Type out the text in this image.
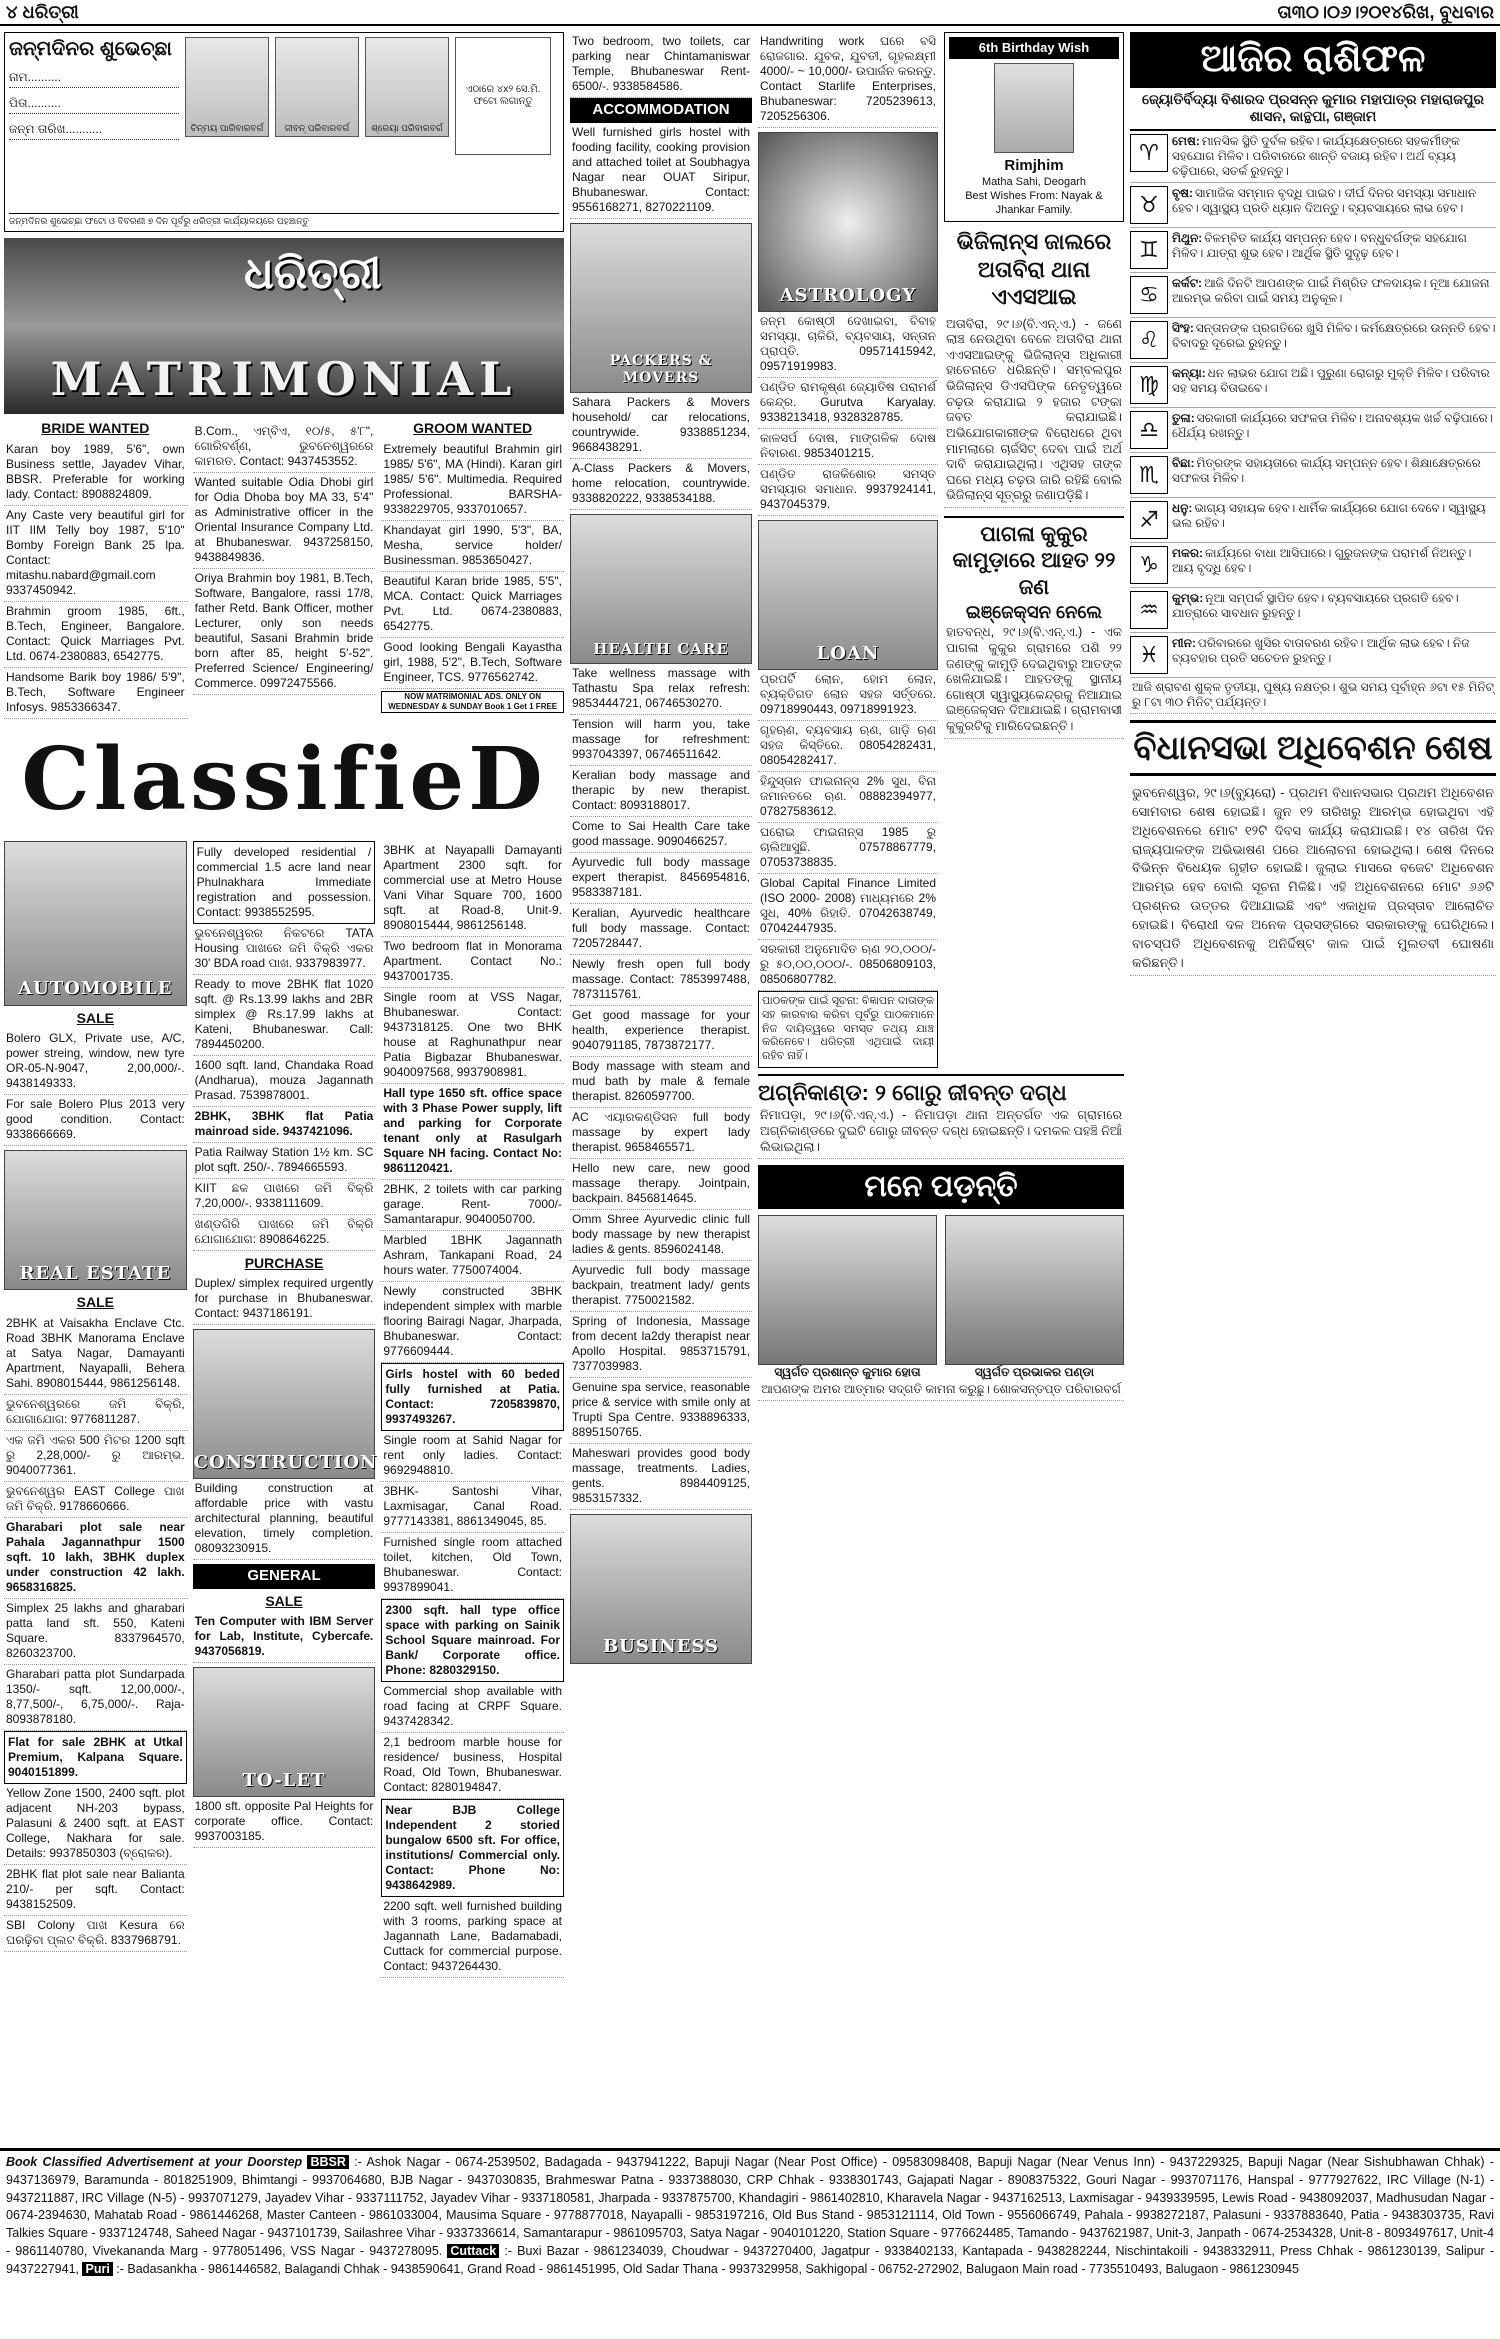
୪ ଧରିତ୍ରୀ	ତା୩୦।୦୬।୨୦୧୪ରିଖ, ବୁଧବାର
ଜନ୍ମଦିନର ଶୁଭେଚ୍ଛା
ନାମ..........
ପିତା..........
ଜନ୍ମ ତାରିଖ...........	ଚିନ୍ମୟ ପାରିବାରବର୍ଗ	ଜୀବନ୍ ପରିବାରବର୍ଗ	ଶ୍ରେୟା ପରିବାରବର୍ଗ
ଏଠାରେ ୪x୨ ସେ.ମି. ଫଟୋ ଲଗାନ୍ତୁ
ଜନ୍ମଦିନର ଶୁଭେଚ୍ଛା ଫଟୋ ଓ ବିବରଣୀ ୭ ଦିନ ପୂର୍ବରୁ ଧରିତ୍ରୀ କାର୍ଯ୍ୟାଳୟରେ ପହଞ୍ଚାନ୍ତୁ
ଧରିତ୍ରୀ
MATRIMONIAL
BRIDE WANTED
Karan boy 1989, 5'6", own Business settle, Jayadev Vihar, BBSR. Preferable for working lady. Contact: 8908824809.
Any Caste very beautiful girl for IIT IIM Telly boy 1987, 5'10" Bomby Foreign Bank 25 lpa. Contact: mitashu.nabard@gmail.com 9337450942.
Brahmin groom 1985, 6ft., B.Tech, Engineer, Bangalore. Contact: Quick Marriages Pvt. Ltd. 0674-2380883, 6542775.
Handsome Barik boy 1986/ 5'9", B.Tech, Software Engineer Infosys. 9853366347.
B.Com., ଏମ୍‌ବିଏ, ୧୦/୫, ୫'୮", ଗୋରିବର୍ଣ୍ଣ, ଭୁବନେଶ୍ୱରରେ କାମରତ. Contact: 9437453552.
Wanted suitable Odia Dhobi girl for Odia Dhoba boy MA 33, 5'4" as Administrative officer in the Oriental Insurance Company Ltd. at Bhubaneswar. 9437258150, 9438849836.
Oriya Brahmin boy 1981, B.Tech, Software, Bangalore, rassi 17/8, father Retd. Bank Officer, mother Lecturer, only son needs beautiful, Sasani Brahmin bride born after 85, height 5'-52". Preferred Science/ Engineering/ Commerce. 09972475566.
GROOM WANTED
Extremely beautiful Brahmin girl 1985/ 5'6", MA (Hindi). Karan girl 1985/ 5'6". Multimedia. Required Professional. BARSHA-9338229705, 9337010657.
Khandayat girl 1990, 5'3", BA, Mesha, service holder/ Businessman. 9853650427.
Beautiful Karan bride 1985, 5'5", MCA. Contact: Quick Marriages Pvt. Ltd. 0674-2380883, 6542775.
Good looking Bengali Kayastha girl, 1988, 5'2", B.Tech, Software Engineer, TCS. 9776562742.
NOW MATRIMONIAL ADS. ONLY ON WEDNESDAY & SUNDAY Book 1 Get 1 FREE
ClassifieD
AUTOMOBILE
SALE
Bolero GLX, Private use, A/C, power streing, window, new tyre OR-05-N-9047, 2,00,000/-. 9438149333.
For sale Bolero Plus 2013 very good condition. Contact: 9338666669.
REAL ESTATE
SALE
2BHK at Vaisakha Enclave Ctc. Road 3BHK Manorama Enclave at Satya Nagar, Damayanti Apartment, Nayapalli, Behera Sahi. 8908015444, 9861256148.
ଭୁବନେଶ୍ୱରରେ ଜମି ବିକ୍ରି, ଯୋଗାଯୋଗ: 9776811287.
ଏକ ଜମି ଏକର 500 ମିଟର 1200 sqft ରୁ 2,28,000/- ରୁ ଆରମ୍ଭ. 9040077361.
ଭୁବନେଶ୍ୱର EAST College ପାଖ ଜମି ବିକ୍ରି. 9178660666.
Gharabari plot sale near Pahala Jagannathpur 1500 sqft. 10 lakh, 3BHK duplex under construction 42 lakh. 9658316825.
Simplex 25 lakhs and gharabari patta land sft. 550, Kateni Square. 8337964570, 8260323700.
Gharabari patta plot Sundarpada 1350/- sqft. 12,00,000/-, 8,77,500/-, 6,75,000/-. Raja- 8093878180.
Flat for sale 2BHK at Utkal Premium, Kalpana Square. 9040151899.
Yellow Zone 1500, 2400 sqft. plot adjacent NH-203 bypass, Palasuni & 2400 sqft. at EAST College, Nakhara for sale. Details: 9937850303 (ବ୍ରୋକର).
2BHK flat plot sale near Balianta 210/- per sqft. Contact: 9438152509.
SBI Colony ପାଖ Kesura ରେ ଘରଢ଼ିବା ପ୍ଲଟ ବିକ୍ରି. 8337968791.
Fully developed residential / commercial 1.5 acre land near Phulnakhara Immediate registration and possession. Contact: 9938552595.
ଭୁବନେଶ୍ୱରର ନିକଟରେ TATA Housing ପାଖରେ ଜମି ବିକ୍ରି ଏକର 30' BDA road ପାଖ. 9337983977.
Ready to move 2BHK flat 1020 sqft. @ Rs.13.99 lakhs and 2BR simplex @ Rs.17.99 lakhs at Kateni, Bhubaneswar. Call: 7894450200.
1600 sqft. land, Chandaka Road (Andharua), mouza Jagannath Prasad. 7539878001.
2BHK, 3BHK flat Patia mainroad side. 9437421096.
Patia Railway Station 1½ km. SC plot sqft. 250/-. 7894665593.
KIIT ଛକ ପାଖରେ ଜମି ବିକ୍ରି 7,20,000/-. 9338111609.
ଖଣ୍ଡଗିରି ପାଖରେ ଜମି ବିକ୍ରି ଯୋଗାଯୋଗ: 8908646225.
PURCHASE
Duplex/ simplex required urgently for purchase in Bhubaneswar. Contact: 9437186191.
CONSTRUCTION
Building construction at affordable price with vastu architectural planning, beautiful elevation, timely completion. 08093230915.
GENERAL
SALE
Ten Computer with IBM Server for Lab, Institute, Cybercafe. 9437056819.
TO-LET
1800 sft. opposite Pal Heights for corporate office. Contact: 9937003185.
3BHK at Nayapalli Damayanti Apartment 2300 sqft. for commercial use at Metro House Vani Vihar Square 700, 1600 sqft. at Road-8, Unit-9. 8908015444, 9861256148.
Two bedroom flat in Monorama Apartment. Contact No.: 9437001735.
Single room at VSS Nagar, Bhubaneswar. Contact: 9437318125. One two BHK house at Raghunathpur near Patia Bigbazar Bhubaneswar. 9040097568, 9937908981.
Hall type 1650 sft. office space with 3 Phase Power supply, lift and parking for Corporate tenant only at Rasulgarh Square NH facing. Contact No: 9861120421.
2BHK, 2 toilets with car parking garage. Rent- 7000/- Samantarapur. 9040050700.
Marbled 1BHK Jagannath Ashram, Tankapani Road, 24 hours water. 7750074004.
Newly constructed 3BHK independent simplex with marble flooring Bairagi Nagar, Jharpada, Bhubaneswar. Contact: 9776609444.
Girls hostel with 60 beded fully furnished at Patia. Contact: 7205839870, 9937493267.
Single room at Sahid Nagar for rent only ladies. Contact: 9692948810.
3BHK- Santoshi Vihar, Laxmisagar, Canal Road. 9777143381, 8861349045, 85.
Furnished single room attached toilet, kitchen, Old Town, Bhubaneswar. Contact: 9937899041.
2300 sqft. hall type office space with parking on Sainik School Square mainroad. For Bank/ Corporate office. Phone: 8280329150.
Commercial shop available with road facing at CRPF Square. 9437428342.
2,1 bedroom marble house for residence/ business, Hospital Road, Old Town, Bhubaneswar. Contact: 8280194847.
Near BJB College Independent 2 storied bungalow 6500 sft. For office, institutions/ Commercial only. Contact: Phone No: 9438642989.
2200 sqft. well furnished building with 3 rooms, parking space at Jagannath Lane, Badamabadi, Cuttack for commercial purpose. Contact: 9437264430.
Two bedroom, two toilets, car parking near Chintamaniswar Temple, Bhubaneswar Rent- 6500/-. 9338584586.
ACCOMMODATION
Well furnished girls hostel with fooding facility, cooking provision and attached toilet at Soubhagya Nagar near OUAT Siripur, Bhubaneswar. Contact: 9556168271, 8270221109.
PACKERS & MOVERS
Sahara Packers & Movers household/ car relocations, countrywide. 9338851234, 9668438291.
A-Class Packers & Movers, home relocation, countrywide. 9338820222, 9338534188.
HEALTH CARE
Take wellness massage with Tathastu Spa relax refresh: 9853444721, 06746530270.
Tension will harm you, take massage for refreshment: 9937043397, 06746511642.
Keralian body massage and therapic by new therapist. Contact: 8093188017.
Come to Sai Health Care take good massage. 9090466257.
Ayurvedic full body massage expert therapist. 8456954816, 9583387181.
Keralian, Ayurvedic healthcare full body massage. Contact: 7205728447.
Newly fresh open full body massage. Contact: 7853997488, 7873115761.
Get good massage for your health, experience therapist. 9040791185, 7873872177.
Body massage with steam and mud bath by male & female therapist. 8260597700.
AC ଏୟାରକଣ୍ଡିସନ full body massage by expert lady therapist. 9658465571.
Hello new care, new good massage therapy. Jointpain, backpain. 8456814645.
Omm Shree Ayurvedic clinic full body massage by new therapist ladies & gents. 8596024148.
Ayurvedic full body massage backpain, treatment lady/ gents therapist. 7750021582.
Spring of Indonesia, Massage from decent la2dy therapist near Apollo Hospital. 9853715791, 7377039983.
Genuine spa service, reasonable price & service with smile only at Trupti Spa Centre. 9338896333, 8895150765.
Maheswari provides good body massage, treatments. Ladies, gents. 8984409125, 9853157332.
BUSINESS
Handwriting work ଘରେ ବସି ରୋଜଗାର. ଯୁବକ, ଯୁବତୀ, ଗୃହଲକ୍ଷ୍ମୀ 4000/- ~ 10,000/- ଉପାର୍ଜନ କରନ୍ତୁ. Contact Starlife Enterprises, Bhubaneswar: 7205239613, 7205256306.
ASTROLOGY
ଜନ୍ମ କୋଷ୍ଠୀ ଦେଖାଇବା, ବିବାହ ସମସ୍ୟା, ଚାକିରି, ବ୍ୟବସାୟ, ସନ୍ତାନ ପ୍ରାପ୍ତି. 09571415942, 09571919983.
ପଣ୍ଡିତ ରାମକୃଷ୍ଣ ଜ୍ୟୋତିଷ ପରାମର୍ଶ କେନ୍ଦ୍ର. Gurutva Karyalay. 9338213418, 9328328785.
କାଳସର୍ପ ଦୋଷ, ମାଙ୍ଗଳିକ ଦୋଷ ନିବାରଣ. 9853401215.
ପଣ୍ଡିତ ରାଜକିଶୋର ସମସ୍ତ ସମସ୍ୟାର ସମାଧାନ. 9937924141, 9437045379.
LOAN
ପ୍ରପର୍ଟି ଲୋନ, ହୋମ ଲୋନ, ବ୍ୟକ୍ତିଗତ ଲୋନ ସହଜ ସର୍ତ୍ତରେ. 09718990443, 09718991923.
ଗୃହଋଣ, ବ୍ୟବସାୟ ଋଣ, ଗାଡ଼ି ଋଣ ସହଜ କିସ୍ତିରେ. 08054282431, 08054282417.
ହିନ୍ଦୁସ୍ତାନ ଫାଇନାନ୍ସ 2% ସୁଧ, ବିନା ଜମାନତରେ ଋଣ. 08882394977, 07827583612.
ଘରୋଇ ଫାଇନାନ୍ସ 1985 ରୁ ଚାଲିଆସୁଛି. 07578867779, 07053738835.
Global Capital Finance Limited (ISO 2000- 2008) ମାଧ୍ୟମରେ 2% ସୁଧ, 40% ରିହାତି. 07042638749, 07042447935.
ସରକାରୀ ଅନୁମୋଦିତ ଋଣ ୨୦,୦୦୦/- ରୁ ୫୦,୦୦,୦୦୦/-. 08506809103, 08506807782.
ପାଠକଙ୍କ ପାଇଁ ସୂଚନା: ବିଜ୍ଞାପନ ଦାତାଙ୍କ ସହ କାରବାର କରିବା ପୂର୍ବରୁ ପାଠକମାନେ ନିଜ ଦାୟିତ୍ୱରେ ସମସ୍ତ ତଥ୍ୟ ଯାଞ୍ଚ କରିନେବେ। ଧରିତ୍ରୀ ଏଥିପାଇଁ ଦାୟୀ ରହିବ ନାହିଁ।
6th Birthday Wish
Rimjhim
Matha Sahi, Deogarh
Best Wishes From: Nayak & Jhankar Family.
ଭିଜିଲାନ୍ସ ଜାଲରେ ଅତାବିରା ଥାନା ଏଏସଆଇ
ଅତାବିରା, ୨୯।୬(ବି.ଏନ୍.ଏ.) - ଜଣେ ଲାଞ୍ଚ ନେଉଥିବା ବେଳେ ଅତାବିରା ଥାନା ଏଏସଆଇଙ୍କୁ ଭିଜିଲାନ୍ସ ଅଧିକାରୀ ହାତେନାତେ ଧରିଛନ୍ତି। ସମ୍ବଲପୁର ଭିଜିଲାନ୍ସ ଡିଏସପିଙ୍କ ନେତୃତ୍ୱରେ ଚଢ଼ଉ କରାଯାଇ ୨ ହଜାର ଟଙ୍କା ଜବତ କରାଯାଇଛି। ଅଭିଯୋଗକାରୀଙ୍କ ବିରୋଧରେ ଥିବା ମାମଲାରେ ଚାର୍ଜସିଟ୍ ଦେବା ପାଇଁ ଅର୍ଥ ଦାବି କରାଯାଇଥିଲା। ଏଥିସହ ତାଙ୍କ ଘରେ ମଧ୍ୟ ଚଢ଼ଉ ଜାରି ରହିଛି ବୋଲି ଭିଜିଲାନ୍ସ ସୂତ୍ରରୁ ଜଣାପଡ଼ିଛି।
ପାଗଳା କୁକୁର କାମୁଡ଼ାରେ ଆହତ ୨୨ ଜଣ
ଇଞ୍ଜେକ୍ସନ ନେଲେ
ହାତବନ୍ଧ, ୨୯।୬(ବି.ଏନ୍.ଏ.) - ଏକ ପାଗଳା କୁକୁର ଗ୍ରାମରେ ପଶି ୨୨ ଜଣଙ୍କୁ କାମୁଡ଼ି ଦେଇଥିବାରୁ ଆତଙ୍କ ଖେଳିଯାଇଛି। ଆହତଙ୍କୁ ସ୍ଥାନୀୟ ଗୋଷ୍ଠୀ ସ୍ୱାସ୍ଥ୍ୟକେନ୍ଦ୍ରକୁ ନିଆଯାଇ ଇଞ୍ଜେକ୍ସନ ଦିଆଯାଇଛି। ଗ୍ରାମବାସୀ କୁକୁରଟିକୁ ମାରିଦେଇଛନ୍ତି।
ଅଗ୍ନିକାଣ୍ଡ: ୨ ଗୋରୁ ଜୀବନ୍ତ ଦଗ୍ଧ
ନିମାପଡ଼ା, ୨୯।୬(ବି.ଏନ୍.ଏ.) - ନିମାପଡ଼ା ଥାନା ଅନ୍ତର୍ଗତ ଏକ ଗ୍ରାମରେ ଅଗ୍ନିକାଣ୍ଡରେ ଦୁଇଟି ଗୋରୁ ଜୀବନ୍ତ ଦଗ୍ଧ ହୋଇଛନ୍ତି। ଦମକଳ ପହଞ୍ଚି ନିଆଁ ଲିଭାଇଥିଲା।
ମନେ ପଡ଼ନ୍ତି
ସ୍ୱର୍ଗତ ପ୍ରଶାନ୍ତ କୁମାର ହୋତା	ସ୍ୱର୍ଗତ ପ୍ରଭାକର ପଣ୍ଡା
ଆପଣଙ୍କ ଅମର ଆତ୍ମାର ସଦ୍‌ଗତି କାମନା କରୁଛୁ। ଶୋକସନ୍ତପ୍ତ ପରିବାରବର୍ଗ
ଆଜିର ରାଶିଫଳ
ଜ୍ୟୋତିର୍ବିଦ୍ୟା ବିଶାରଦ ପ୍ରସନ୍ନ କୁମାର ମହାପାତ୍ର ମହାରାଜପୁର ଶାସନ, କାନ୍ଥପା, ଗଞ୍ଜାମ
♈	ମେଷ: ମାନସିକ ସ୍ଥିତି ଦୁର୍ବଳ ରହିବ। କାର୍ଯ୍ୟକ୍ଷେତ୍ରରେ ସହକର୍ମୀଙ୍କ ସହଯୋଗ ମିଳିବ। ପରିବାରରେ ଶାନ୍ତି ବଜାୟ ରହିବ। ଅର୍ଥ ବ୍ୟୟ ବଢ଼ିପାରେ, ସତର୍କ ରୁହନ୍ତୁ।
♉	ବୃଷ: ସାମାଜିକ ସମ୍ମାନ ବୃଦ୍ଧି ପାଇବ। ଦୀର୍ଘ ଦିନର ସମସ୍ୟା ସମାଧାନ ହେବ। ସ୍ୱାସ୍ଥ୍ୟ ପ୍ରତି ଧ୍ୟାନ ଦିଅନ୍ତୁ। ବ୍ୟବସାୟରେ ଲାଭ ହେବ।
♊	ମିଥୁନ: ବିଳମ୍ବିତ କାର୍ଯ୍ୟ ସମ୍ପନ୍ନ ହେବ। ବନ୍ଧୁବର୍ଗଙ୍କ ସହଯୋଗ ମିଳିବ। ଯାତ୍ରା ଶୁଭ ହେବ। ଆର୍ଥିକ ସ୍ଥିତି ସୁଦୃଢ଼ ହେବ।
♋	କର୍କଟ: ଆଜି ଦିନଟି ଆପଣଙ୍କ ପାଇଁ ମିଶ୍ରିତ ଫଳଦାୟକ। ନୂଆ ଯୋଜନା ଆରମ୍ଭ କରିବା ପାଇଁ ସମୟ ଅନୁକୂଳ।
♌	ସିଂହ: ସନ୍ତାନଙ୍କ ପ୍ରଗତିରେ ଖୁସି ମିଳିବ। କର୍ମକ୍ଷେତ୍ରରେ ଉନ୍ନତି ହେବ। ବିବାଦରୁ ଦୂରେଇ ରୁହନ୍ତୁ।
♍	କନ୍ୟା: ଧନ ଲାଭର ଯୋଗ ଅଛି। ପୁରୁଣା ରୋଗରୁ ମୁକ୍ତି ମିଳିବ। ପରିବାର ସହ ସମୟ ବିତାଇବେ।
♎	ତୁଳା: ସରକାରୀ କାର୍ଯ୍ୟରେ ସଫଳତା ମିଳିବ। ଅନାବଶ୍ୟକ ଖର୍ଚ୍ଚ ବଢ଼ିପାରେ। ଧୈର୍ଯ୍ୟ ରଖନ୍ତୁ।
♏	ବିଛା: ମିତ୍ରଙ୍କ ସହାୟତାରେ କାର୍ଯ୍ୟ ସମ୍ପନ୍ନ ହେବ। ଶିକ୍ଷାକ୍ଷେତ୍ରରେ ସଫଳତା ମିଳିବ।
♐	ଧନୁ: ଭାଗ୍ୟ ସହାୟକ ହେବ। ଧାର୍ମିକ କାର୍ଯ୍ୟରେ ଯୋଗ ଦେବେ। ସ୍ୱାସ୍ଥ୍ୟ ଭଲ ରହିବ।
♑	ମକର: କାର୍ଯ୍ୟରେ ବାଧା ଆସିପାରେ। ଗୁରୁଜନଙ୍କ ପରାମର୍ଶ ନିଅନ୍ତୁ। ଆୟ ବୃଦ୍ଧି ହେବ।
♒	କୁମ୍ଭ: ନୂଆ ସମ୍ପର୍କ ସ୍ଥାପିତ ହେବ। ବ୍ୟବସାୟରେ ପ୍ରଗତି ହେବ। ଯାତ୍ରାରେ ସାବଧାନ ରୁହନ୍ତୁ।
♓	ମୀନ: ପରିବାରରେ ଖୁସିର ବାତାବରଣ ରହିବ। ଆର୍ଥିକ ଲାଭ ହେବ। ନିଜ ବ୍ୟବହାର ପ୍ରତି ସଚେତନ ରୁହନ୍ତୁ।
ଆଜି ଶ୍ରାବଣ ଶୁକ୍ଳ ତୃତୀୟା, ପୁଷ୍ୟ ନକ୍ଷତ୍ର। ଶୁଭ ସମୟ ପୂର୍ବାହ୍ନ ୬ଟା ୧୫ ମିନିଟ୍ ରୁ ୮ଟା ୩୦ ମିନିଟ୍ ପର୍ଯ୍ୟନ୍ତ।
ବିଧାନସଭା ଅଧିବେଶନ ଶେଷ
ଭୁବନେଶ୍ୱର, ୨୯।୬(ବ୍ୟୁରୋ) - ପ୍ରଥମ ବିଧାନସଭାର ପ୍ରଥମ ଅଧିବେଶନ ସୋମବାର ଶେଷ ହୋଇଛି। ଜୁନ ୧୨ ତାରିଖରୁ ଆରମ୍ଭ ହୋଇଥିବା ଏହି ଅଧିବେଶନରେ ମୋଟ ୧୨ଟି ଦିବସ କାର୍ଯ୍ୟ କରାଯାଇଛି। ୧୪ ତାରିଖ ଦିନ ରାଜ୍ୟପାଳଙ୍କ ଅଭିଭାଷଣ ପରେ ଆଲୋଚନା ହୋଇଥିଲା। ଶେଷ ଦିନରେ ବିଭିନ୍ନ ବିଧେୟକ ଗୃହୀତ ହୋଇଛି। ଜୁଲାଇ ମାସରେ ବଜେଟ ଅଧିବେଶନ ଆରମ୍ଭ ହେବ ବୋଲି ସୂଚନା ମିଳିଛି। ଏହି ଅଧିବେଶନରେ ମୋଟ ୬୬ଟି ପ୍ରଶ୍ନର ଉତ୍ତର ଦିଆଯାଇଛି ଏବଂ ଏକାଧିକ ପ୍ରସ୍ତାବ ଆଲୋଚିତ ହୋଇଛି। ବିରୋଧୀ ଦଳ ଅନେକ ପ୍ରସଙ୍ଗରେ ସରକାରଙ୍କୁ ଘେରିଥିଲେ। ବାଚସ୍ପତି ଅଧିବେଶନକୁ ଅନିର୍ଦ୍ଦିଷ୍ଟ କାଳ ପାଇଁ ମୁଲତବୀ ଘୋଷଣା କରିଛନ୍ତି।
Book Classified Advertisement at your Doorstep BBSR :- Ashok Nagar - 0674-2539502, Badagada - 9437941222, Bapuji Nagar (Near Post Office) - 09583098408, Bapuji Nagar (Near Venus Inn) - 9437229325, Bapuji Nagar (Near Sishubhawan Chhak) - 9437136979, Baramunda - 8018251909, Bhimtangi - 9937064680, BJB Nagar - 9437030835, Brahmeswar Patna - 9337388030, CRP Chhak - 9338301743, Gajapati Nagar - 8908375322, Gouri Nagar - 9937071176, Hanspal - 9777927622, IRC Village (N-1) - 9437211887, IRC Village (N-5) - 9937071279, Jayadev Vihar - 9337111752, Jayadev Vihar - 9337180581, Jharpada - 9337875700, Khandagiri - 9861402810, Kharavela Nagar - 9437162513, Laxmisagar - 9439339595, Lewis Road - 9438092037, Madhusudan Nagar - 0674-2394630, Mahatab Road - 9861446268, Master Canteen - 9861033004, Mausima Square - 9778877018, Nayapalli - 9853197216, Old Bus Stand - 9853121114, Old Town - 9556066749, Pahala - 9938272187, Palasuni - 9337883640, Patia - 9438303735, Ravi Talkies Square - 9337124748, Saheed Nagar - 9437101739, Sailashree Vihar - 9337336614, Samantarapur - 9861095703, Satya Nagar - 9040101220, Station Square - 9776624485, Tamando - 9437621987, Unit-3, Janpath - 0674-2534328, Unit-8 - 8093497617, Unit-4 - 9861140780, Vivekananda Marg - 9778051496, VSS Nagar - 9437278095. Cuttack :- Buxi Bazar - 9861234039, Choudwar - 9437270400, Jagatpur - 9338402133, Kantapada - 9438282244, Nischintakoili - 9438332911, Press Chhak - 9861230139, Salipur - 9437227941, Puri :- Badasankha - 9861446582, Balagandi Chhak - 9438590641, Grand Road - 9861451995, Old Sadar Thana - 9937329958, Sakhigopal - 06752-272902, Balugaon Main road - 7735510493, Balugaon - 9861230945
